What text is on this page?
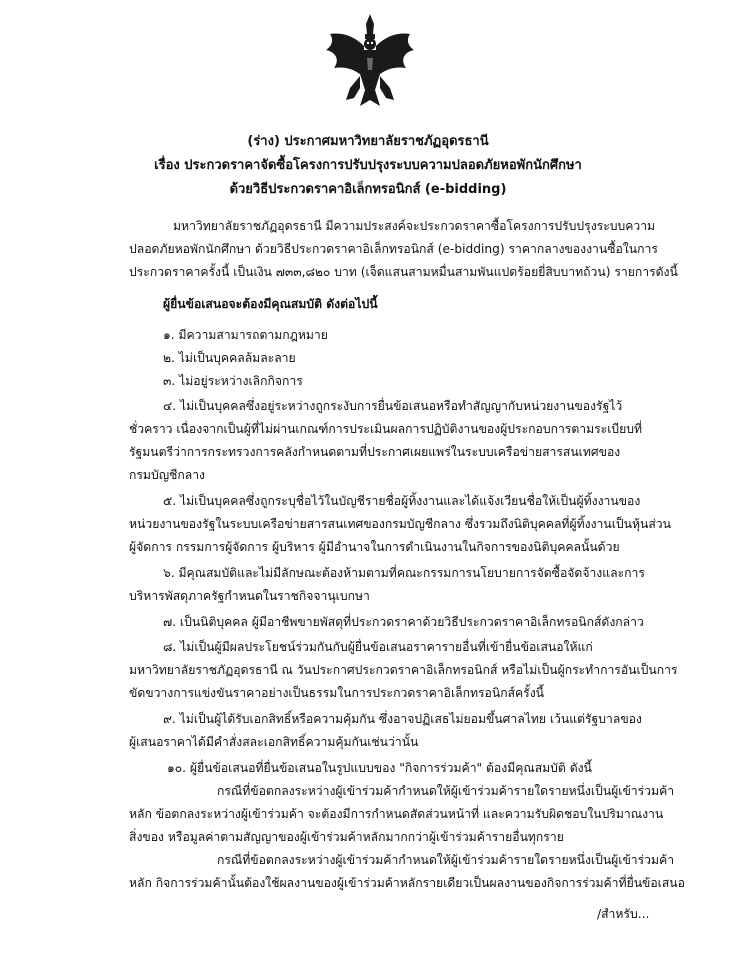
(ร่าง) ประกาศมหาวิทยาลัยราชภัฏอุดรธานี
เรื่อง ประกวดราคาจัดซื้อโครงการปรับปรุงระบบความปลอดภัยหอพักนักศึกษา
ด้วยวิธีประกวดราคาอิเล็กทรอนิกส์ (e-bidding)
มหาวิทยาลัยราชภัฏอุดรธานี มีความประสงค์จะประกวดราคาซื้อโครงการปรับปรุงระบบความ
ปลอดภัยหอพักนักศึกษา ด้วยวิธีประกวดราคาอิเล็กทรอนิกส์ (e-bidding) ราคากลางของงานซื้อในการ
ประกวดราคาครั้งนี้ เป็นเงิน ๗๓๓,๘๒๐ บาท (เจ็ดแสนสามหมื่นสามพันแปดร้อยยี่สิบบาทถ้วน) รายการดังนี้
ผู้ยื่นข้อเสนอจะต้องมีคุณสมบัติ ดังต่อไปนี้
๑. มีความสามารถตามกฎหมาย
๒. ไม่เป็นบุคคลล้มละลาย
๓. ไม่อยู่ระหว่างเลิกกิจการ
๔. ไม่เป็นบุคคลซึ่งอยู่ระหว่างถูกระงับการยื่นข้อเสนอหรือทำสัญญากับหน่วยงานของรัฐไว้
ชั่วคราว เนื่องจากเป็นผู้ที่ไม่ผ่านเกณฑ์การประเมินผลการปฏิบัติงานของผู้ประกอบการตามระเบียบที่
รัฐมนตรีว่าการกระทรวงการคลังกำหนดตามที่ประกาศเผยแพร่ในระบบเครือข่ายสารสนเทศของ
กรมบัญชีกลาง
๕. ไม่เป็นบุคคลซึ่งถูกระบุชื่อไว้ในบัญชีรายชื่อผู้ทิ้งงานและได้แจ้งเวียนชื่อให้เป็นผู้ทิ้งงานของ
หน่วยงานของรัฐในระบบเครือข่ายสารสนเทศของกรมบัญชีกลาง ซึ่งรวมถึงนิติบุคคลที่ผู้ทิ้งงานเป็นหุ้นส่วน
ผู้จัดการ กรรมการผู้จัดการ ผู้บริหาร ผู้มีอำนาจในการดำเนินงานในกิจการของนิติบุคคลนั้นด้วย
๖. มีคุณสมบัติและไม่มีลักษณะต้องห้ามตามที่คณะกรรมการนโยบายการจัดซื้อจัดจ้างและการ
บริหารพัสดุภาครัฐกำหนดในราชกิจจานุเบกษา
๗. เป็นนิติบุคคล ผู้มีอาชีพขายพัสดุที่ประกวดราคาด้วยวิธีประกวดราคาอิเล็กทรอนิกส์ดังกล่าว
๘. ไม่เป็นผู้มีผลประโยชน์ร่วมกันกับผู้ยื่นข้อเสนอราคารายอื่นที่เข้ายื่นข้อเสนอให้แก่
มหาวิทยาลัยราชภัฏอุดรธานี ณ วันประกาศประกวดราคาอิเล็กทรอนิกส์ หรือไม่เป็นผู้กระทำการอันเป็นการ
ขัดขวางการแข่งขันราคาอย่างเป็นธรรมในการประกวดราคาอิเล็กทรอนิกส์ครั้งนี้
๙. ไม่เป็นผู้ได้รับเอกสิทธิ์หรือความคุ้มกัน ซึ่งอาจปฏิเสธไม่ยอมขึ้นศาลไทย เว้นแต่รัฐบาลของ
ผู้เสนอราคาได้มีคำสั่งสละเอกสิทธิ์ความคุ้มกันเช่นว่านั้น
๑๐. ผู้ยื่นข้อเสนอที่ยื่นข้อเสนอในรูปแบบของ "กิจการร่วมค้า" ต้องมีคุณสมบัติ ดังนี้
กรณีที่ข้อตกลงระหว่างผู้เข้าร่วมค้ากำหนดให้ผู้เข้าร่วมค้ารายใดรายหนึ่งเป็นผู้เข้าร่วมค้า
หลัก ข้อตกลงระหว่างผู้เข้าร่วมค้า จะต้องมีการกำหนดสัดส่วนหน้าที่ และความรับผิดชอบในปริมาณงาน
สิ่งของ หรือมูลค่าตามสัญญาของผู้เข้าร่วมค้าหลักมากกว่าผู้เข้าร่วมค้ารายอื่นทุกราย
กรณีที่ข้อตกลงระหว่างผู้เข้าร่วมค้ากำหนดให้ผู้เข้าร่วมค้ารายใดรายหนึ่งเป็นผู้เข้าร่วมค้า
หลัก กิจการร่วมค้านั้นต้องใช้ผลงานของผู้เข้าร่วมค้าหลักรายเดียวเป็นผลงานของกิจการร่วมค้าที่ยื่นข้อเสนอ
/สำหรับ...
